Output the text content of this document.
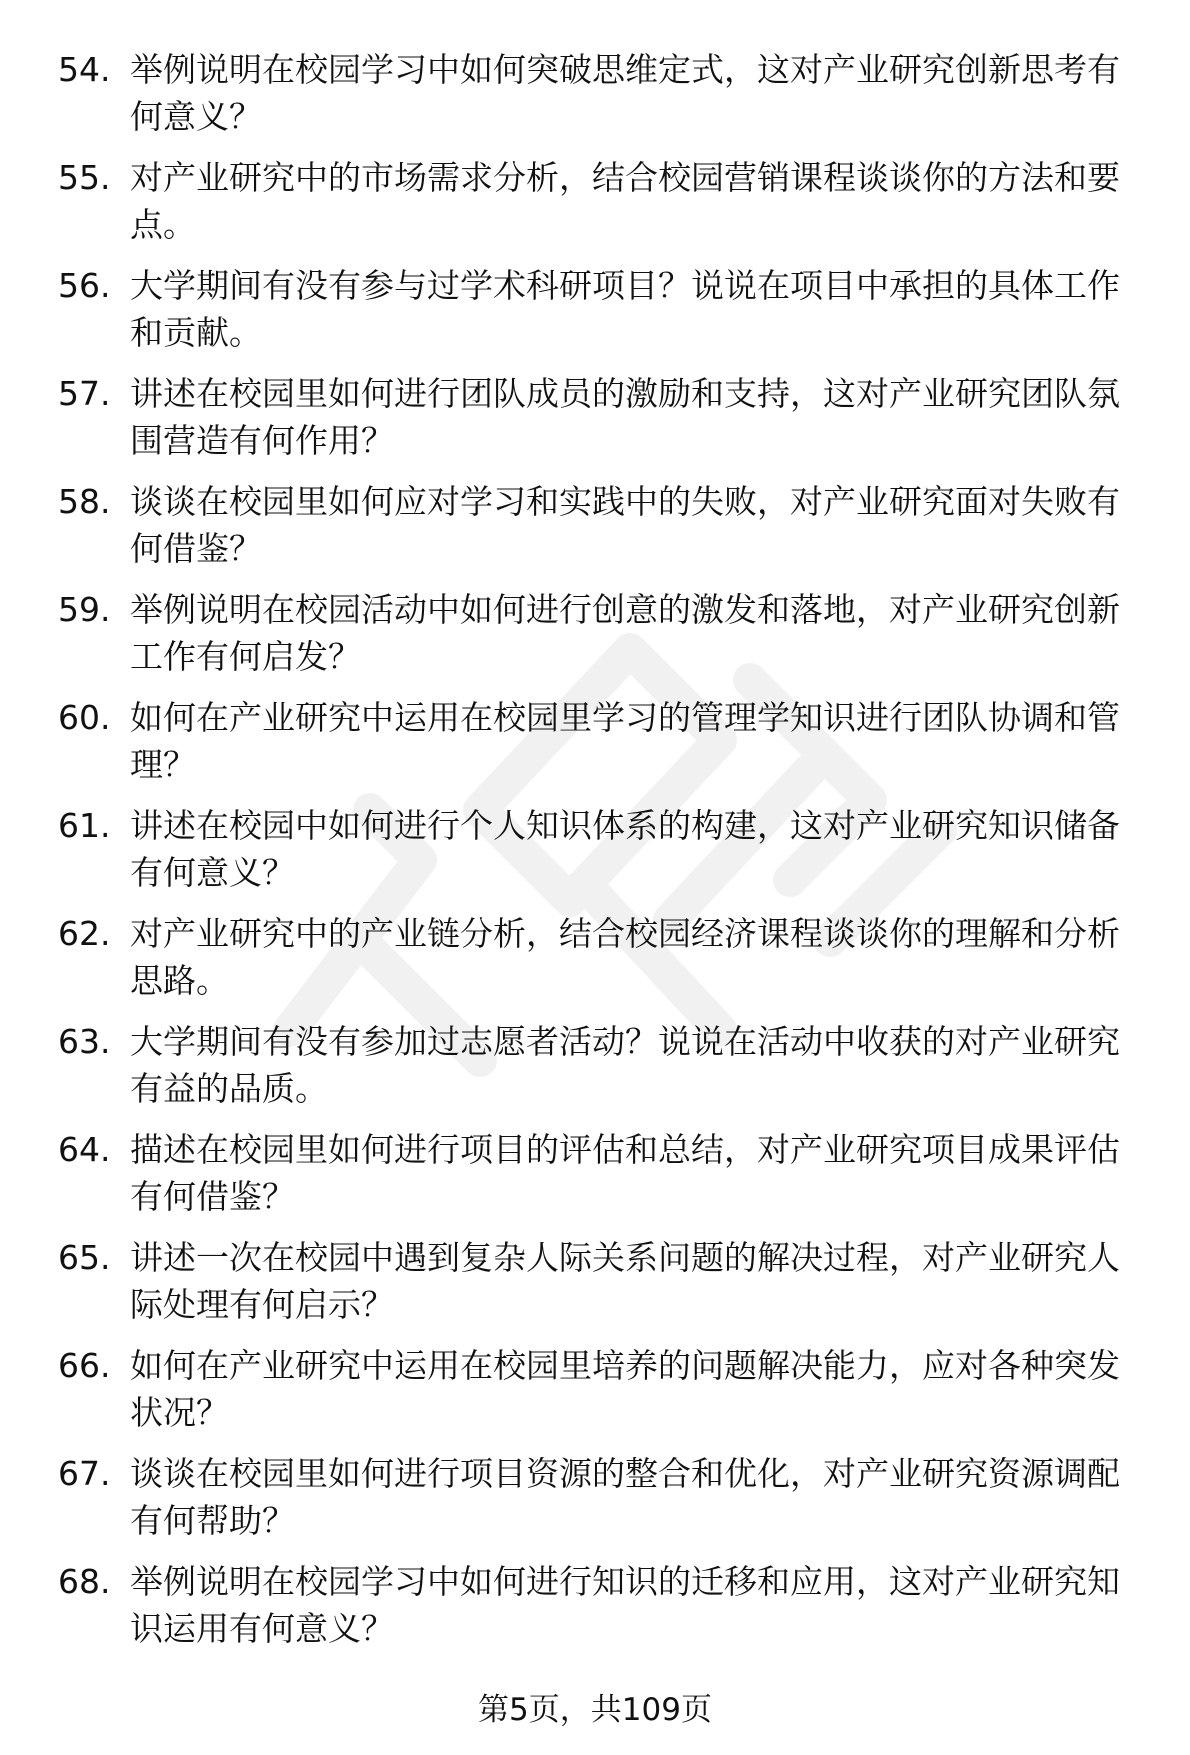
54. 举例说明在校园学习中如何突破思维定式，这对产业研究创新思考有何意义？
55. 对产业研究中的市场需求分析，结合校园营销课程谈谈你的方法和要点。
56. 大学期间有没有参与过学术科研项目？说说在项目中承担的具体工作和贡献。
57. 讲述在校园里如何进行团队成员的激励和支持，这对产业研究团队氛围营造有何作用？
58. 谈谈在校园里如何应对学习和实践中的失败，对产业研究面对失败有何借鉴？
59. 举例说明在校园活动中如何进行创意的激发和落地，对产业研究创新工作有何启发？
60. 如何在产业研究中运用在校园里学习的管理学知识进行团队协调和管理？
61. 讲述在校园中如何进行个人知识体系的构建，这对产业研究知识储备有何意义？
62. 对产业研究中的产业链分析，结合校园经济课程谈谈你的理解和分析思路。
63. 大学期间有没有参加过志愿者活动？说说在活动中收获的对产业研究有益的品质。
64. 描述在校园里如何进行项目的评估和总结，对产业研究项目成果评估有何借鉴？
65. 讲述一次在校园中遇到复杂人际关系问题的解决过程，对产业研究人际处理有何启示？
66. 如何在产业研究中运用在校园里培养的问题解决能力，应对各种突发状况？
67. 谈谈在校园里如何进行项目资源的整合和优化，对产业研究资源调配有何帮助？
68. 举例说明在校园学习中如何进行知识的迁移和应用，这对产业研究知识运用有何意义？
第5页，共109页
